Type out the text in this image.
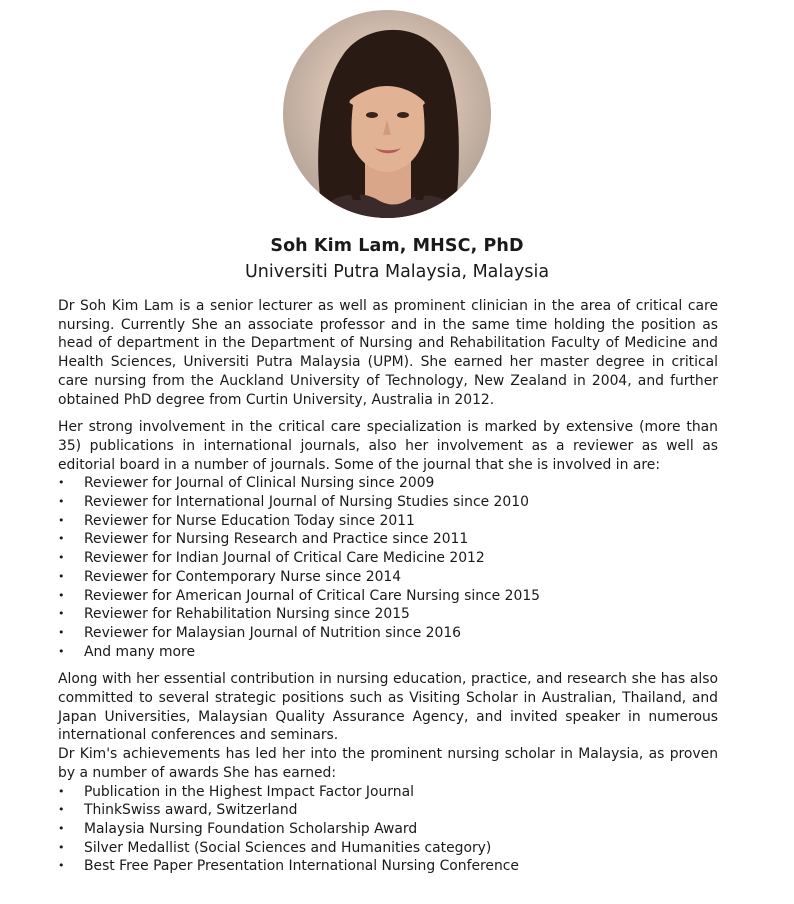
Soh Kim Lam, MHSC, PhD
Universiti Putra Malaysia, Malaysia

Dr Soh Kim Lam is a senior lecturer as well as prominent clinician in the area of critical care nursing. Currently She an associate professor and in the same time holding the position as head of department in the Department of Nursing and Rehabilitation Faculty of Medicine and Health Sciences, Universiti Putra Malaysia (UPM). She earned her master degree in critical care nursing from the Auckland University of Technology, New Zealand in 2004, and further obtained PhD degree from Curtin University, Australia in 2012.

Her strong involvement in the critical care specialization is marked by extensive (more than 35) publications in international journals, also her involvement as a reviewer as well as editorial board in a number of journals. Some of the journal that she is involved in are:

• Reviewer for Journal of Clinical Nursing since 2009
• Reviewer for International Journal of Nursing Studies since 2010
• Reviewer for Nurse Education Today since 2011
• Reviewer for Nursing Research and Practice since 2011
• Reviewer for Indian Journal of Critical Care Medicine 2012
• Reviewer for Contemporary Nurse since 2014
• Reviewer for American Journal of Critical Care Nursing since 2015
• Reviewer for Rehabilitation Nursing since 2015
• Reviewer for Malaysian Journal of Nutrition since 2016
• And many more

Along with her essential contribution in nursing education, practice, and research she has also committed to several strategic positions such as Visiting Scholar in Australian, Thailand, and Japan Universities, Malaysian Quality Assurance Agency, and invited speaker in numerous international conferences and seminars.

Dr Kim's achievements has led her into the prominent nursing scholar in Malaysia, as proven by a number of awards She has earned:

• Publication in the Highest Impact Factor Journal
• ThinkSwiss award, Switzerland
• Malaysia Nursing Foundation Scholarship Award
• Silver Medallist (Social Sciences and Humanities category)
• Best Free Paper Presentation International Nursing Conference
